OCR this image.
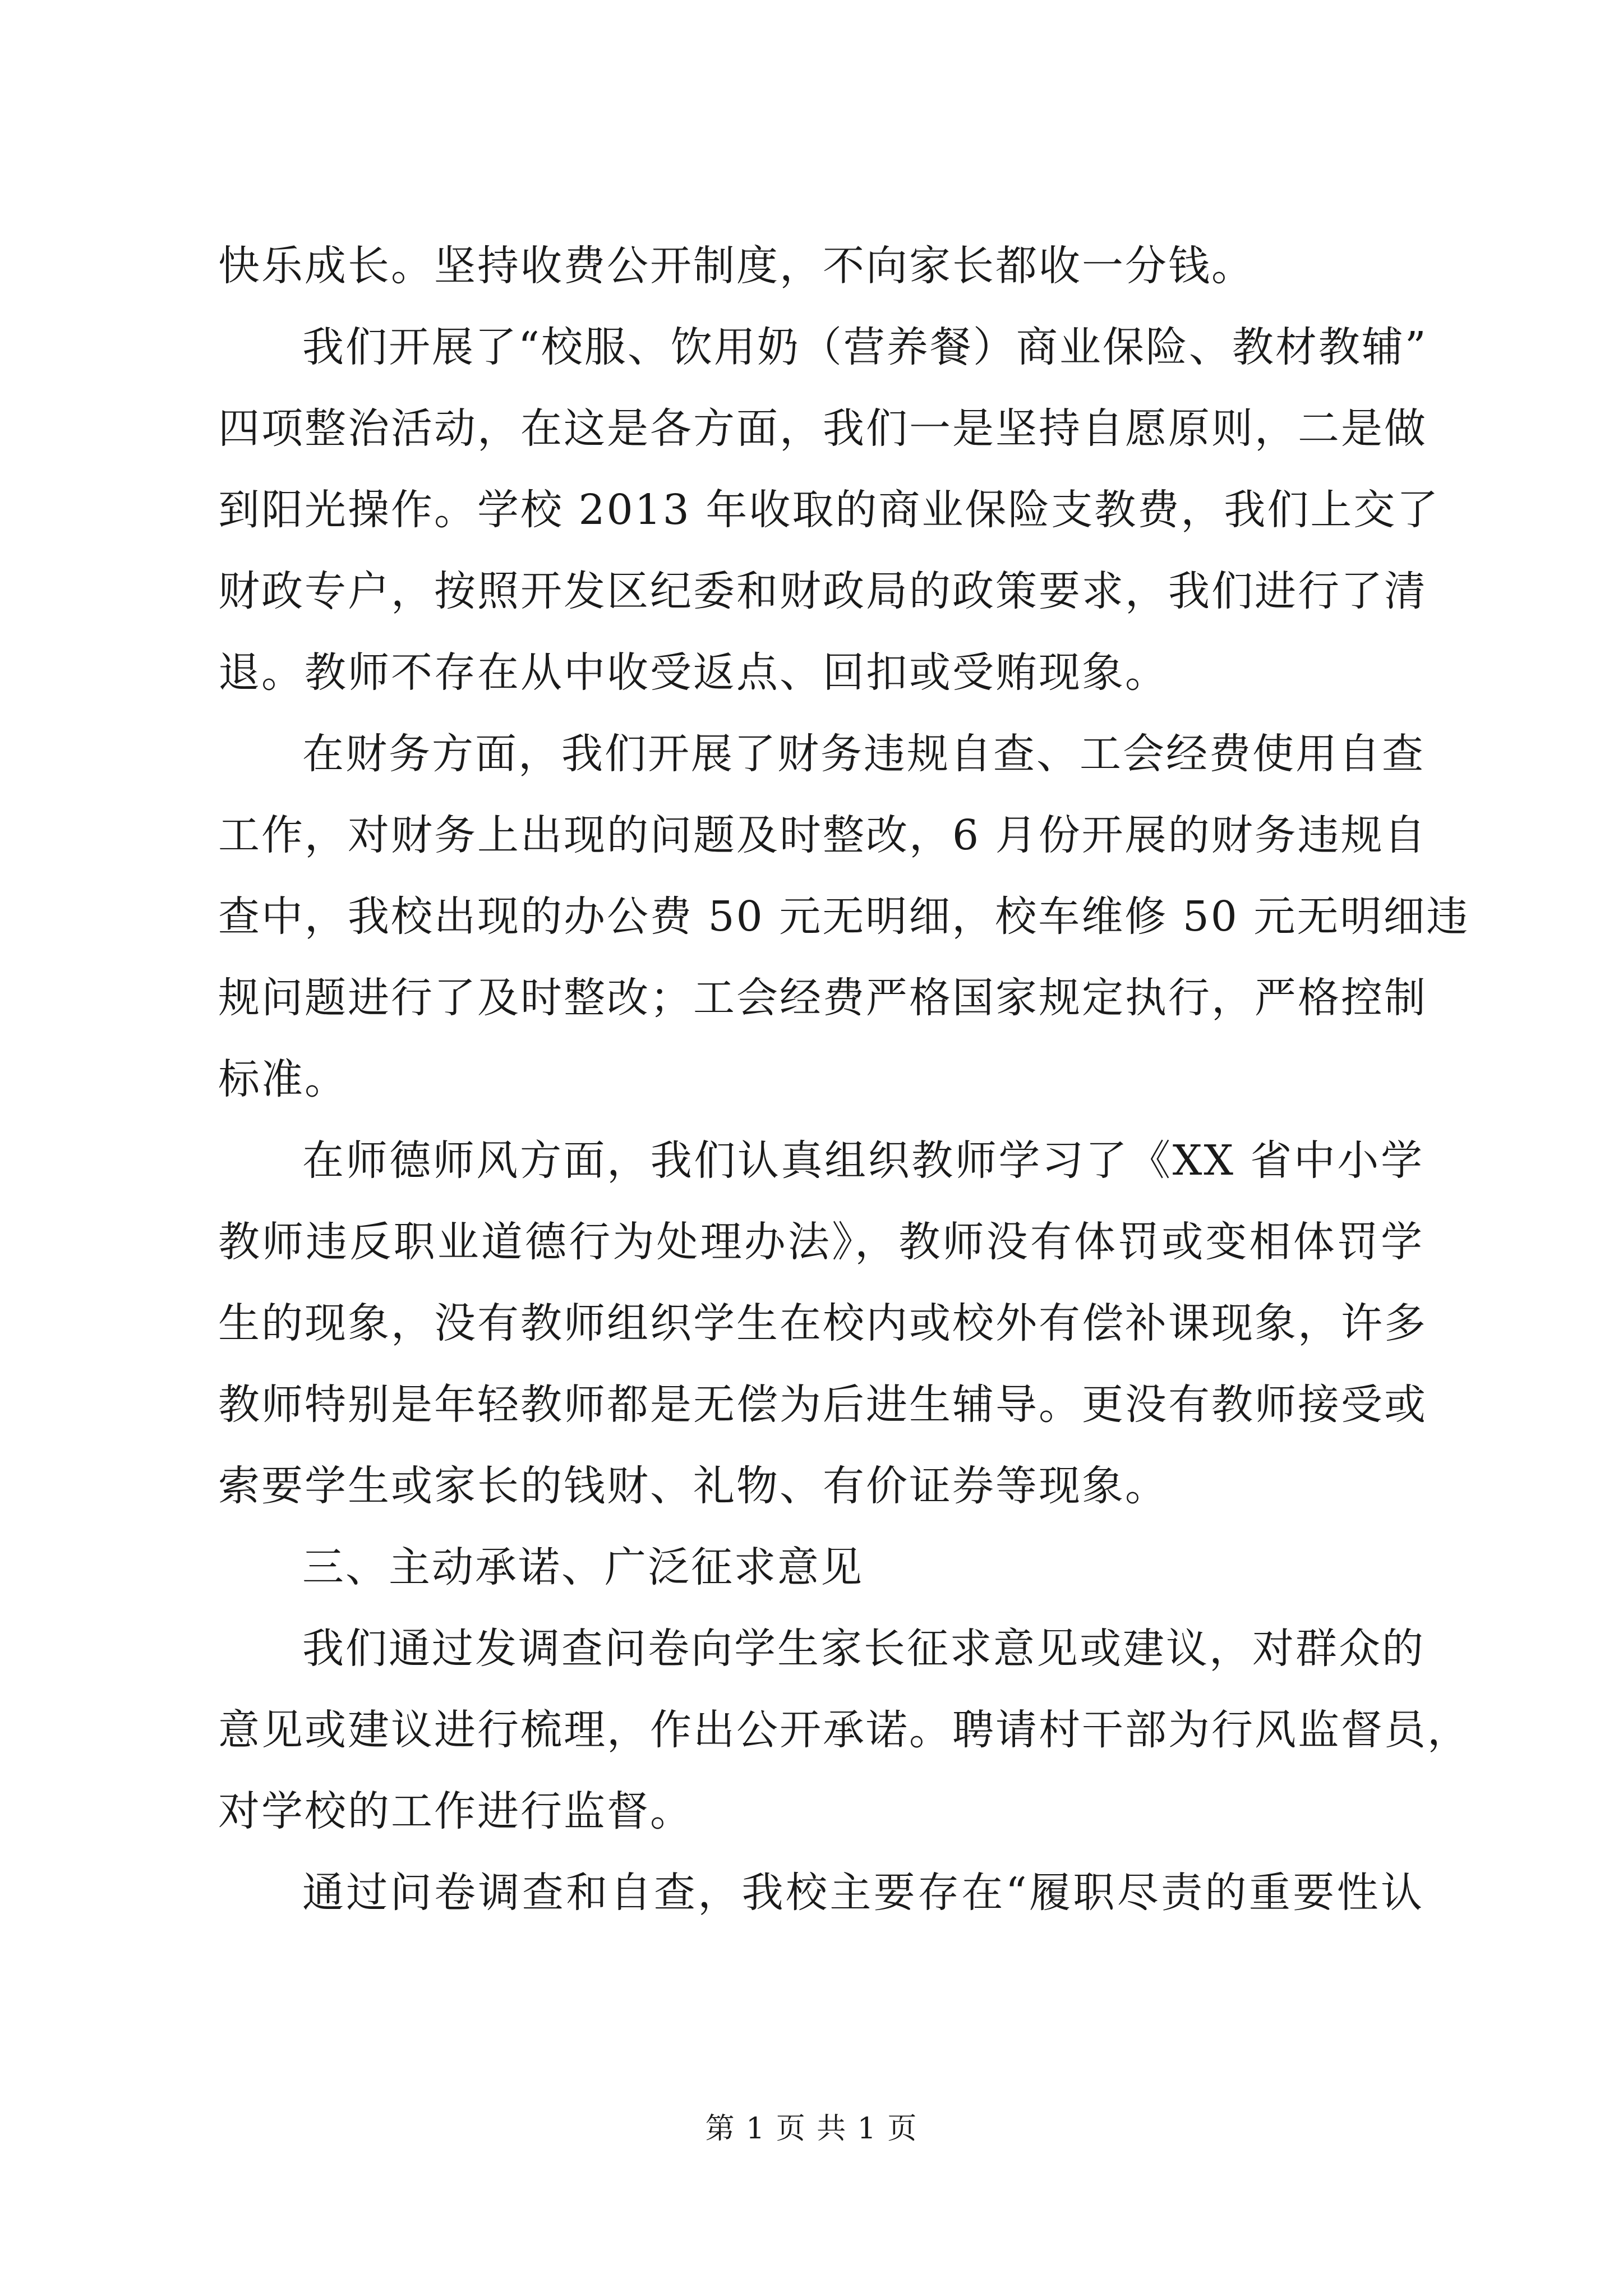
快乐成长。坚持收费公开制度，不向家长都收一分钱。
我们开展了“校服、饮用奶（营养餐）商业保险、教材教辅”
四项整治活动，在这是各方面，我们一是坚持自愿原则，二是做
到阳光操作。学校 2013 年收取的商业保险支教费，我们上交了
财政专户，按照开发区纪委和财政局的政策要求，我们进行了清
退。教师不存在从中收受返点、回扣或受贿现象。
在财务方面，我们开展了财务违规自查、工会经费使用自查
工作，对财务上出现的问题及时整改，6 月份开展的财务违规自
查中，我校出现的办公费 50 元无明细，校车维修 50 元无明细违
规问题进行了及时整改；工会经费严格国家规定执行，严格控制
标准。
在师德师风方面，我们认真组织教师学习了《XX 省中小学
教师违反职业道德行为处理办法》，教师没有体罚或变相体罚学
生的现象，没有教师组织学生在校内或校外有偿补课现象，许多
教师特别是年轻教师都是无偿为后进生辅导。更没有教师接受或
索要学生或家长的钱财、礼物、有价证券等现象。
三、主动承诺、广泛征求意见
我们通过发调查问卷向学生家长征求意见或建议，对群众的
意见或建议进行梳理，作出公开承诺。聘请村干部为行风监督员，
对学校的工作进行监督。
通过问卷调查和自查，我校主要存在“履职尽责的重要性认
第 1 页 共 1 页
